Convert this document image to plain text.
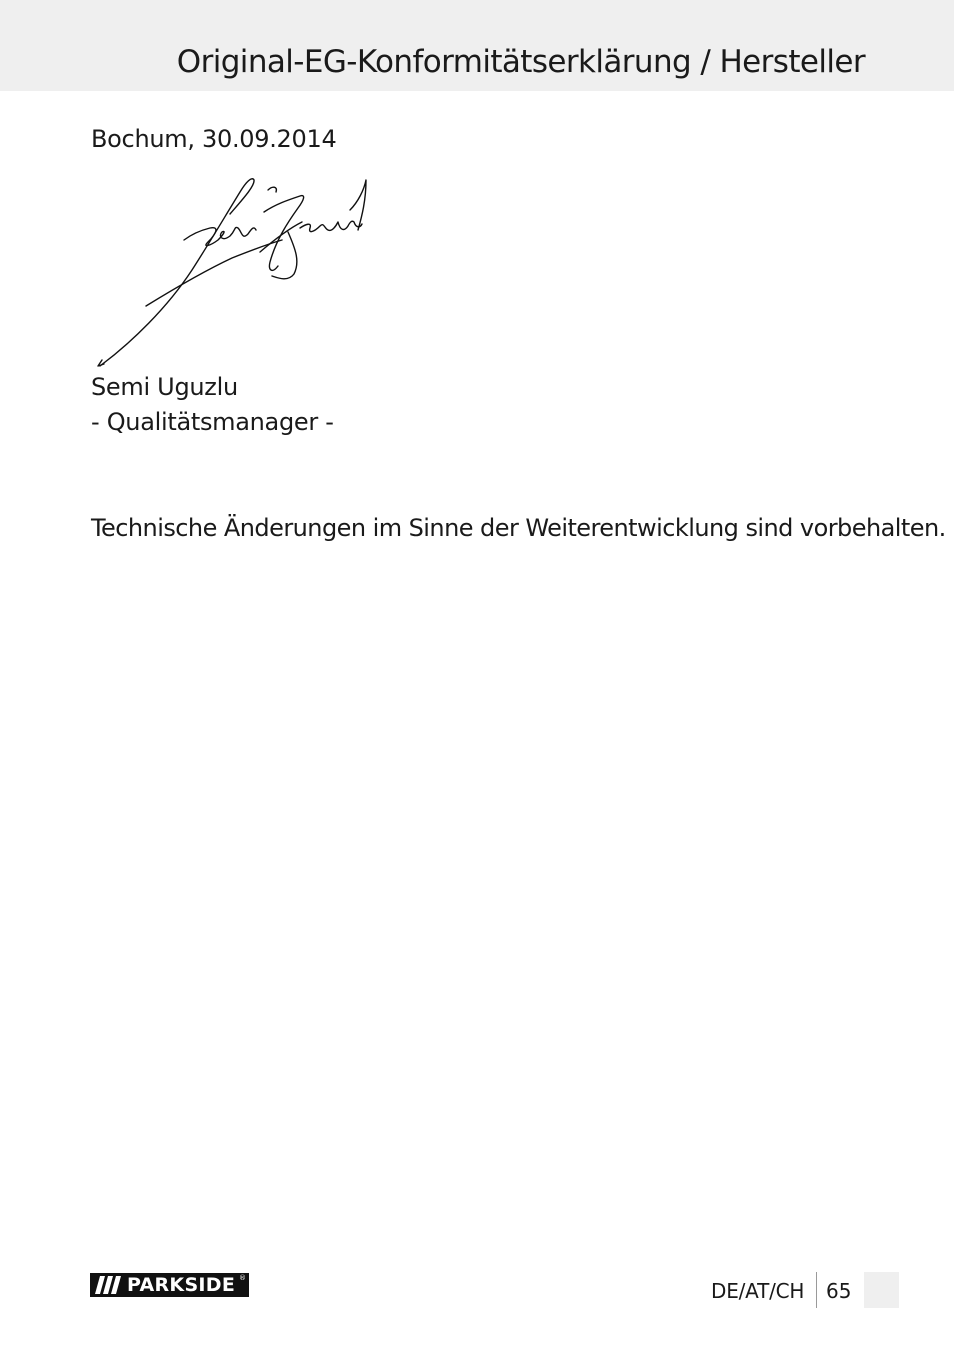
Original-EG-Konformitätserklärung / Hersteller
Bochum, 30.09.2014
Semi Uguzlu
- Qualitätsmanager -
Technische Änderungen im Sinne der Weiterentwicklung sind vorbehalten.
PARKSIDE ®
DE/AT/CH 65
